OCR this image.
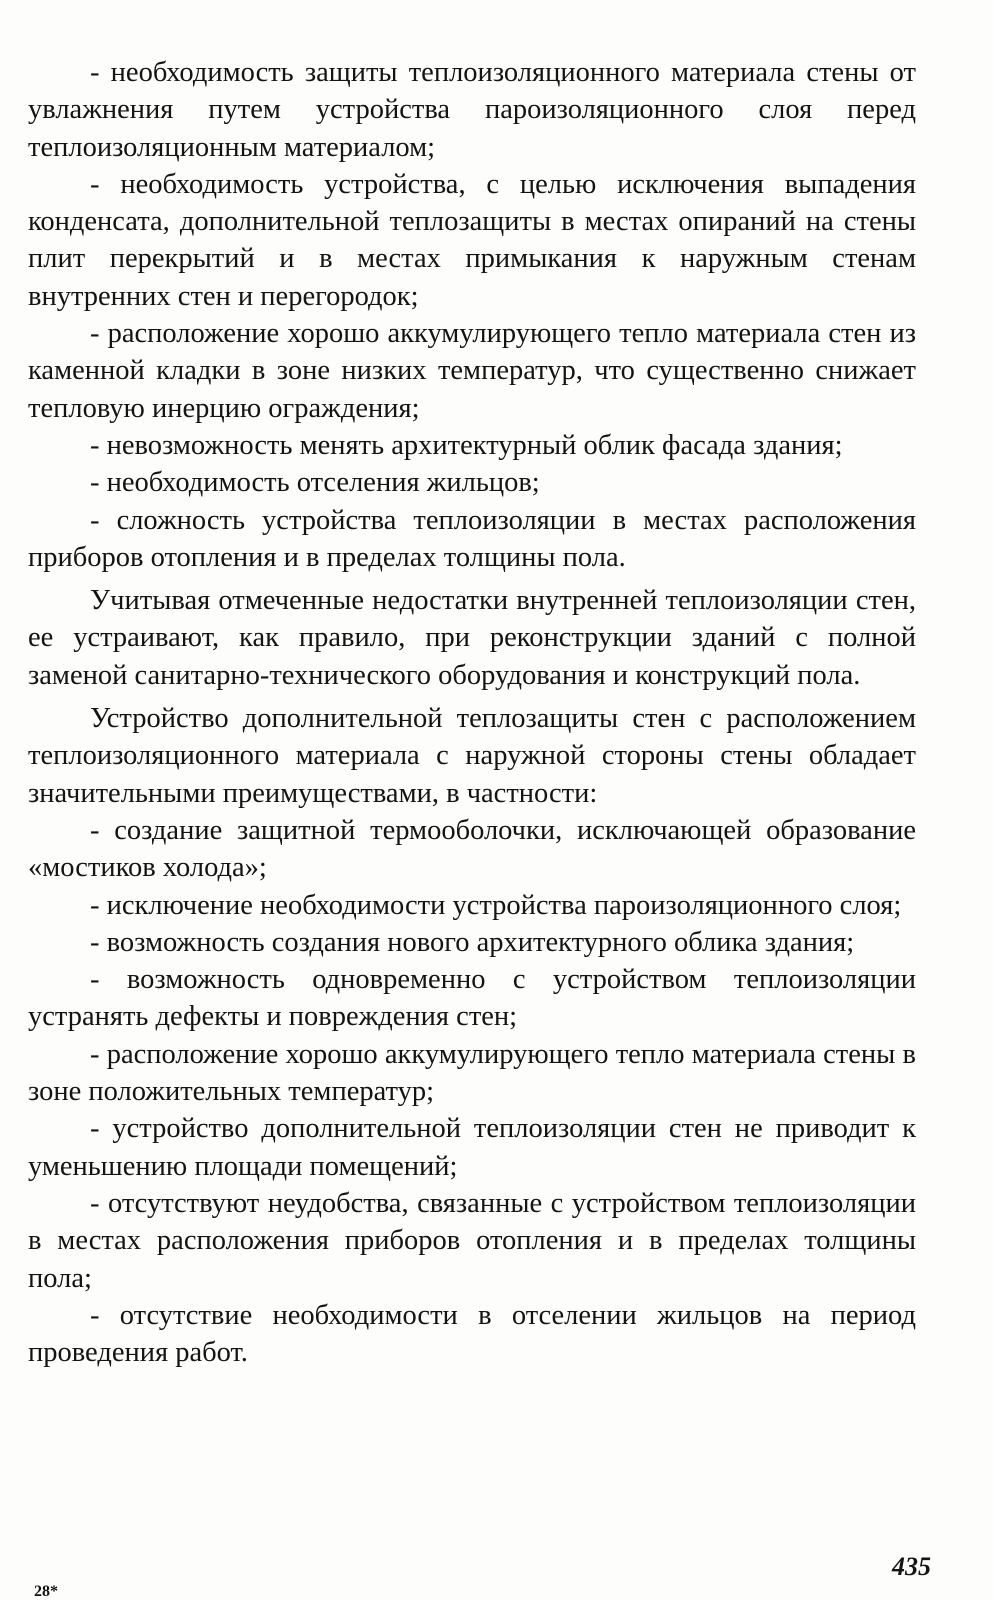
- необходимость защиты теплоизоляционного материала стены от увлажнения путем устройства пароизоляционного слоя перед теплоизоляционным материалом;

- необходимость устройства, с целью исключения выпадения конденсата, дополнительной теплозащиты в местах опираний на стены плит перекрытий и в местах примыкания к наружным стенам внутренних стен и перегородок;

- расположение хорошо аккумулирующего тепло материала стен из каменной кладки в зоне низких температур, что существенно снижает тепловую инерцию ограждения;

- невозможность менять архитектурный облик фасада здания;

- необходимость отселения жильцов;

- сложность устройства теплоизоляции в местах расположения приборов отопления и в пределах толщины пола.

Учитывая отмеченные недостатки внутренней теплоизоляции стен, ее устраивают, как правило, при реконструкции зданий с полной заменой санитарно-технического оборудования и конструкций пола.

Устройство дополнительной теплозащиты стен с расположением теплоизоляционного материала с наружной стороны стены обладает значительными преимуществами, в частности:

- создание защитной термооболочки, исключающей образование «мостиков холода»;

- исключение необходимости устройства пароизоляционного слоя;

- возможность создания нового архитектурного облика здания;

- возможность одновременно с устройством теплоизоляции устранять дефекты и повреждения стен;

- расположение хорошо аккумулирующего тепло материала стены в зоне положительных температур;

- устройство дополнительной теплоизоляции стен не приводит к уменьшению площади помещений;

- отсутствуют неудобства, связанные с устройством теплоизоляции в местах расположения приборов отопления и в пределах толщины пола;

- отсутствие необходимости в отселении жильцов на период проведения работ.

435
28*
